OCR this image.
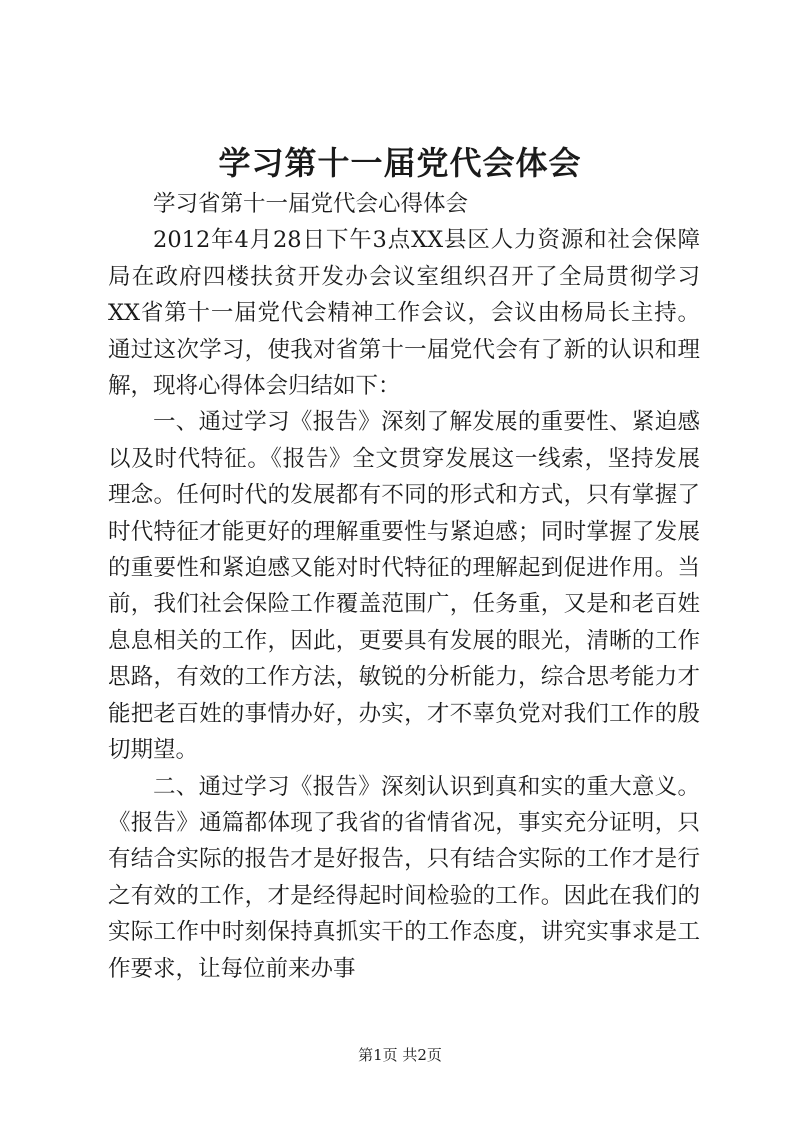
学习第十一届党代会体会

学习省第十一届党代会心得体会

2012年4月28日下午3点XX县区人力资源和社会保障局在政府四楼扶贫开发办会议室组织召开了全局贯彻学习XX省第十一届党代会精神工作会议，会议由杨局长主持。通过这次学习，使我对省第十一届党代会有了新的认识和理解，现将心得体会归结如下：

一、通过学习《报告》深刻了解发展的重要性、紧迫感以及时代特征。《报告》全文贯穿发展这一线索，坚持发展理念。任何时代的发展都有不同的形式和方式，只有掌握了时代特征才能更好的理解重要性与紧迫感；同时掌握了发展的重要性和紧迫感又能对时代特征的理解起到促进作用。当前，我们社会保险工作覆盖范围广，任务重，又是和老百姓息息相关的工作，因此，更要具有发展的眼光，清晰的工作思路，有效的工作方法，敏锐的分析能力，综合思考能力才能把老百姓的事情办好，办实，才不辜负党对我们工作的殷切期望。

二、通过学习《报告》深刻认识到真和实的重大意义。《报告》通篇都体现了我省的省情省况，事实充分证明，只有结合实际的报告才是好报告，只有结合实际的工作才是行之有效的工作，才是经得起时间检验的工作。因此在我们的实际工作中时刻保持真抓实干的工作态度，讲究实事求是工作要求，让每位前来办事

第1页 共2页
